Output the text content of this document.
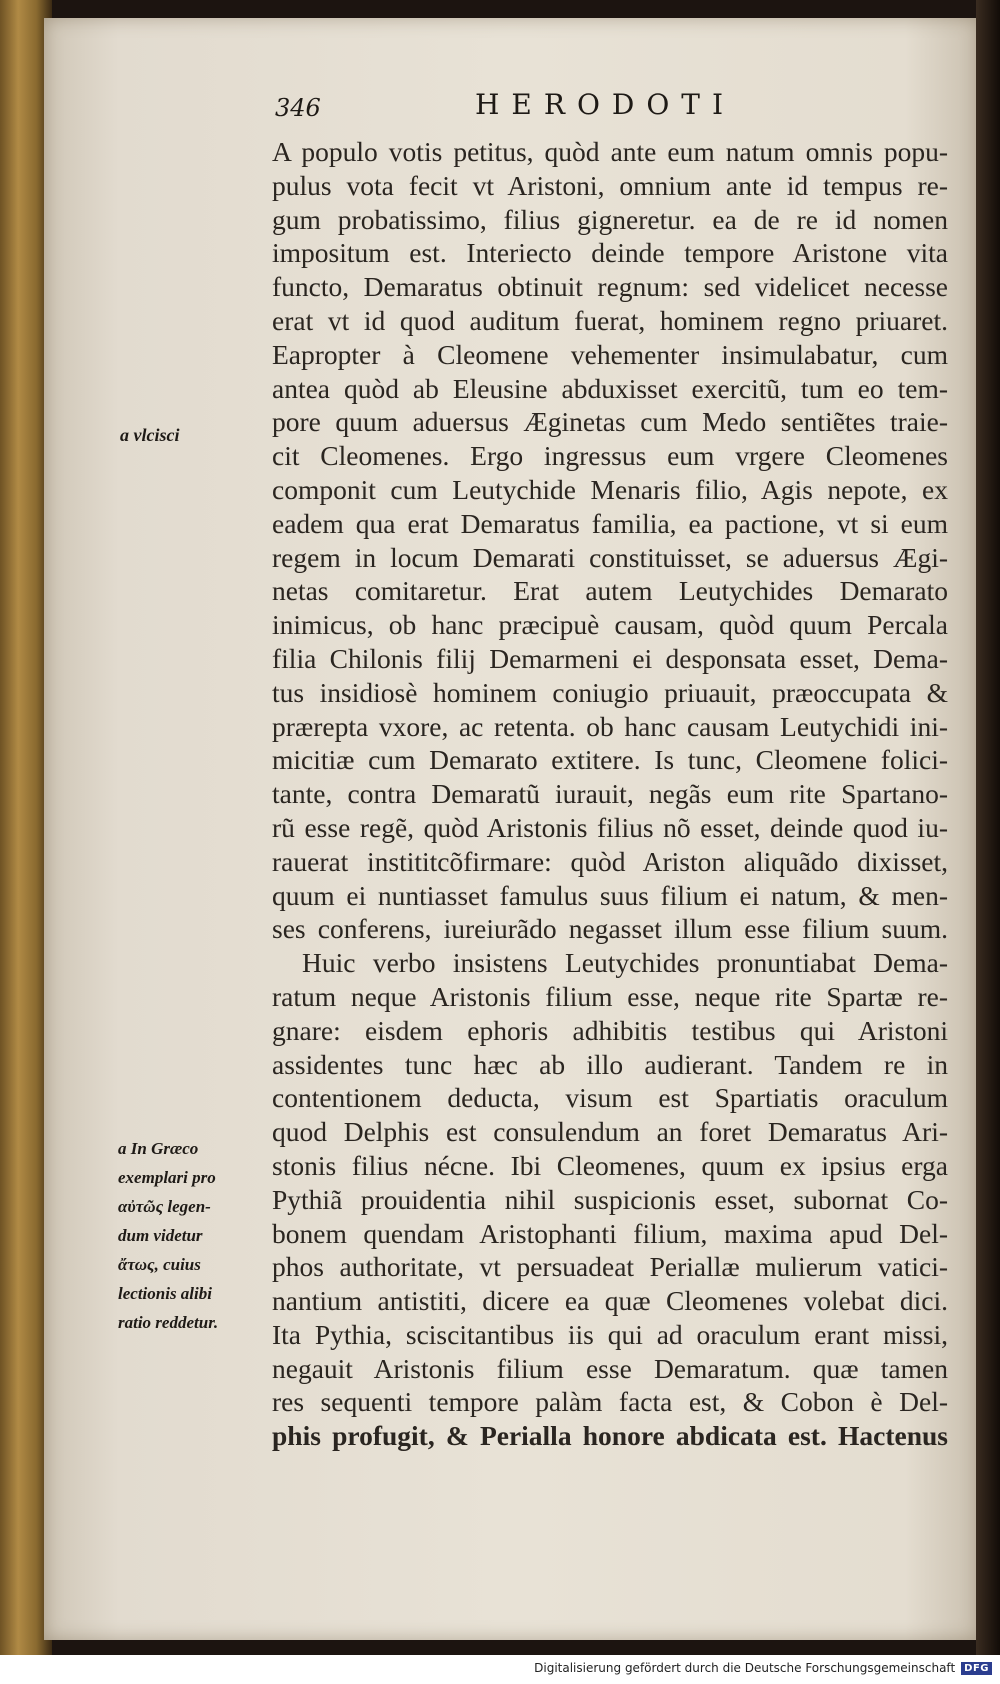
346	HERODOTI
A populo votis petitus, quòd ante eum natum omnis popu-
pulus vota fecit vt Aristoni, omnium ante id tempus re-
gum probatissimo, filius gigneretur. ea de re id nomen
impositum est. Interiecto deinde tempore Aristone vita
functo, Demaratus obtinuit regnum: sed videlicet necesse
erat vt id quod auditum fuerat, hominem regno priuaret.
Eapropter à Cleomene vehementer insimulabatur, cum
antea quòd ab Eleusine abduxisset exercitũ, tum eo tem-
pore quum aduersus Æginetas cum Medo sentiẽtes traie-
cit Cleomenes. Ergo ingressus eum vrgere Cleomenes
componit cum Leutychide Menaris filio, Agis nepote, ex
eadem qua erat Demaratus familia, ea pactione, vt si eum
regem in locum Demarati constituisset, se aduersus Ægi-
netas comitaretur. Erat autem Leutychides Demarato
inimicus, ob hanc præcipuè causam, quòd quum Percala
filia Chilonis filij Demarmeni ei desponsata esset, Dema-
tus insidiosè hominem coniugio priuauit, præoccupata &
prærepta vxore, ac retenta. ob hanc causam Leutychidi ini-
micitiæ cum Demarato extitere. Is tunc, Cleomene folici-
tante, contra Demaratũ iurauit, negãs eum rite Spartano-
rũ esse regẽ, quòd Aristonis filius nõ esset, deinde quod iu-
rauerat instititcõfirmare: quòd Ariston aliquãdo dixisset,
quum ei nuntiasset famulus suus filium ei natum, & men-
ses conferens, iureiurãdo negasset illum esse filium suum.
Huic verbo insistens Leutychides pronuntiabat Dema-
ratum neque Aristonis filium esse, neque rite Spartæ re-
gnare: eisdem ephoris adhibitis testibus qui Aristoni
assidentes tunc hæc ab illo audierant. Tandem re in
contentionem deducta, visum est Spartiatis oraculum
quod Delphis est consulendum an foret Demaratus Ari-
stonis filius nécne. Ibi Cleomenes, quum ex ipsius erga
Pythiã prouidentia nihil suspicionis esset, subornat Co-
bonem quendam Aristophanti filium, maxima apud Del-
phos authoritate, vt persuadeat Periallæ mulierum vatici-
nantium antistiti, dicere ea quæ Cleomenes volebat dici.
Ita Pythia, sciscitantibus iis qui ad oraculum erant missi,
negauit Aristonis filium esse Demaratum. quæ tamen
res sequenti tempore palàm facta est, & Cobon è Del-
phis profugit, & Perialla honore abdicata est. Hactenus
a vlcisci
a In Græco
exemplari pro
αὐτῶς legen-
dum videtur
ἄτως, cuius
lectionis alibi
ratio reddetur.
Digitalisierung gefördert durch die Deutsche Forschungsgemeinschaft DFG
